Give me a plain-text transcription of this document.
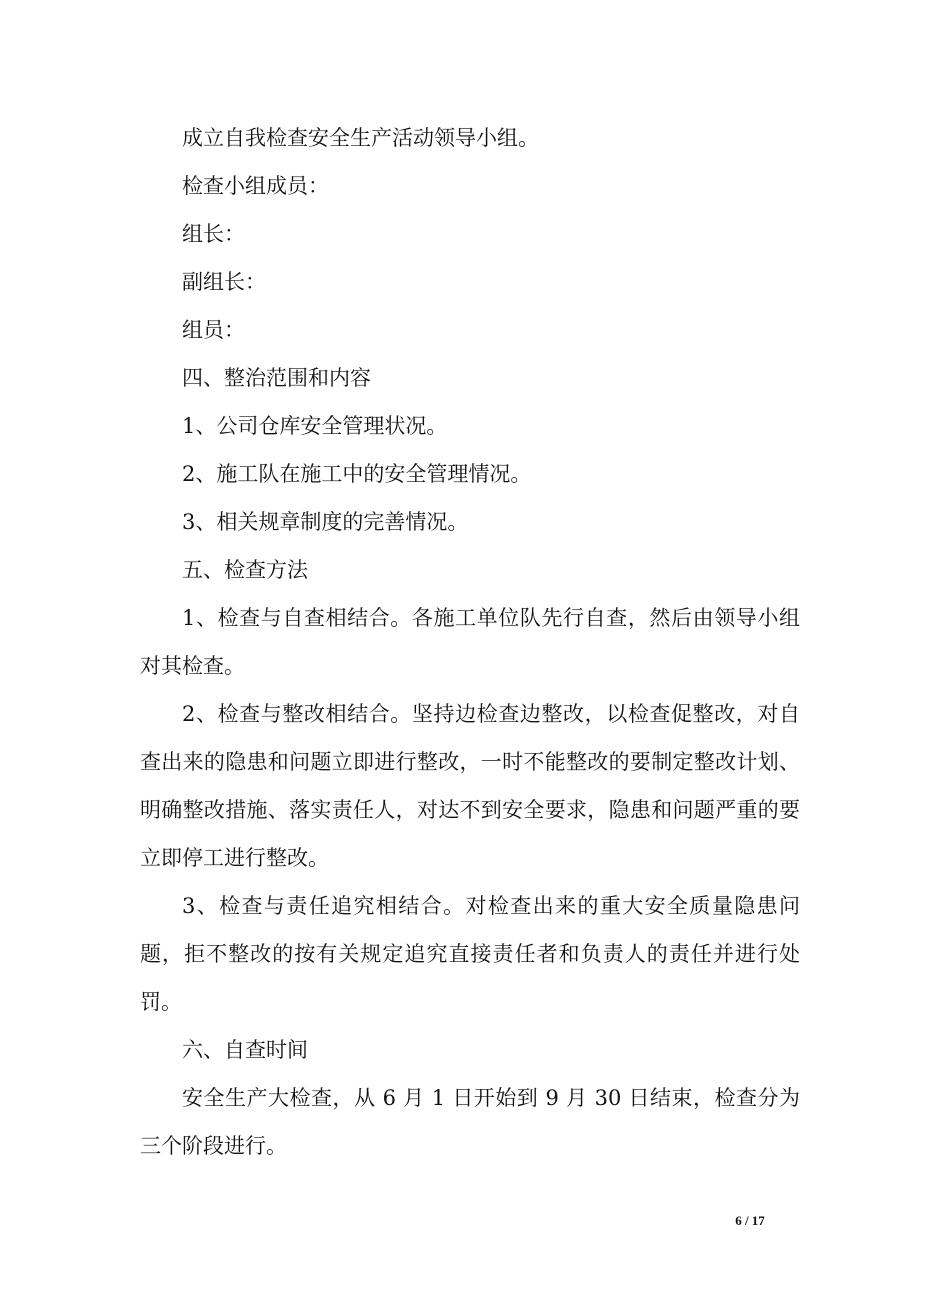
成立自我检查安全生产活动领导小组。

检查小组成员：

组长：

副组长：

组员：

四、整治范围和内容

1、公司仓库安全管理状况。

2、施工队在施工中的安全管理情况。

3、相关规章制度的完善情况。

五、检查方法

1、检查与自查相结合。各施工单位队先行自查，然后由领导小组对其检查。

2、检查与整改相结合。坚持边检查边整改，以检查促整改，对自查出来的隐患和问题立即进行整改，一时不能整改的要制定整改计划、明确整改措施、落实责任人，对达不到安全要求，隐患和问题严重的要立即停工进行整改。

3、检查与责任追究相结合。对检查出来的重大安全质量隐患问题，拒不整改的按有关规定追究直接责任者和负责人的责任并进行处罚。

六、自查时间

安全生产大检查，从 6 月 1 日开始到 9 月 30 日结束，检查分为三个阶段进行。

6 / 17
